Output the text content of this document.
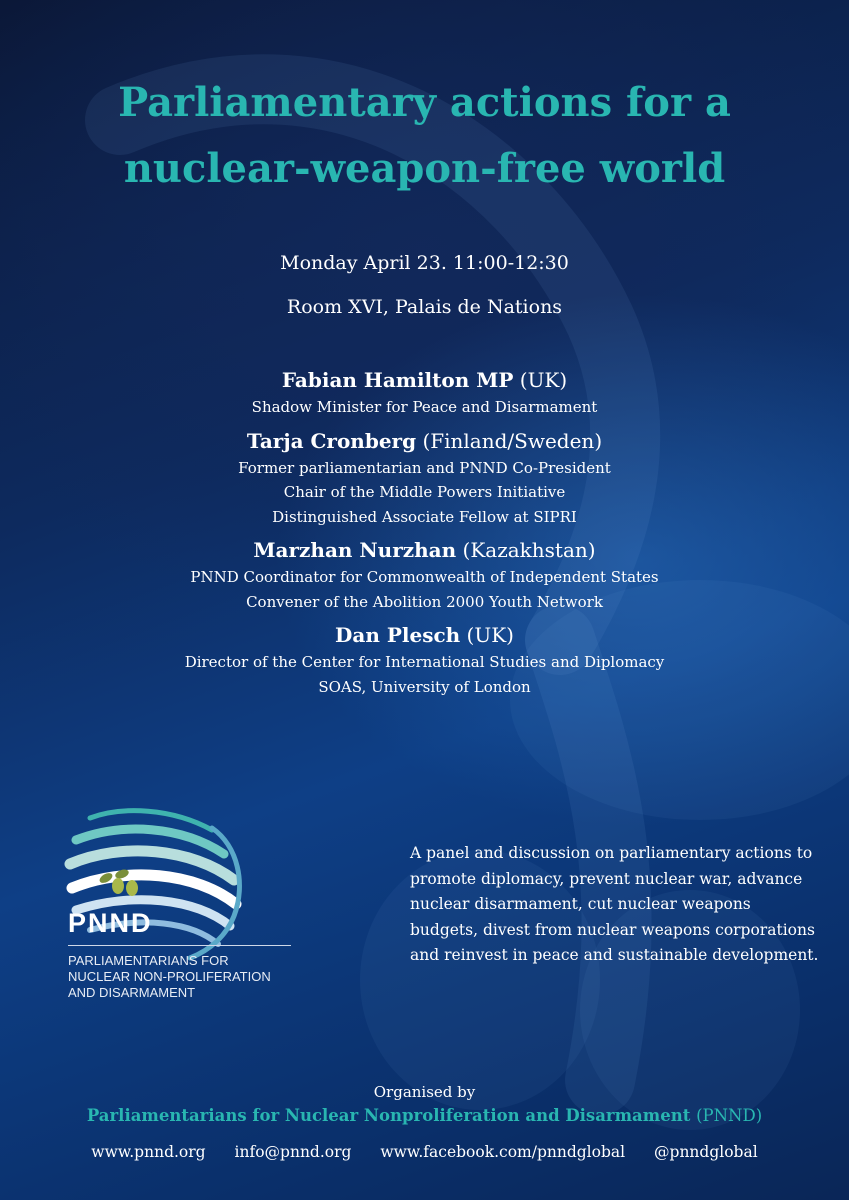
Parliamentary actions for a
nuclear-weapon-free world
Monday April 23. 11:00-12:30
Room XVI, Palais de Nations
Fabian Hamilton MP (UK)
Shadow Minister for Peace and Disarmament
Tarja Cronberg (Finland/Sweden)
Former parliamentarian and PNND Co-President
Chair of the Middle Powers Initiative
Distinguished Associate Fellow at SIPRI
Marzhan Nurzhan (Kazakhstan)
PNND Coordinator for Commonwealth of Independent States
Convener of the Abolition 2000 Youth Network
Dan Plesch (UK)
Director of the Center for International Studies and Diplomacy
SOAS, University of London
PNND
PARLIAMENTARIANS FOR
NUCLEAR NON-PROLIFERATION
AND DISARMAMENT
A panel and discussion on parliamentary actions to promote diplomacy, prevent nuclear war, advance nuclear disarmament, cut nuclear weapons budgets, divest from nuclear weapons corporations and reinvest in peace and sustainable development.
Organised by
Parliamentarians for Nuclear Nonproliferation and Disarmament (PNND)
www.pnnd.org info@pnnd.org www.facebook.com/pnndglobal @pnndglobal
